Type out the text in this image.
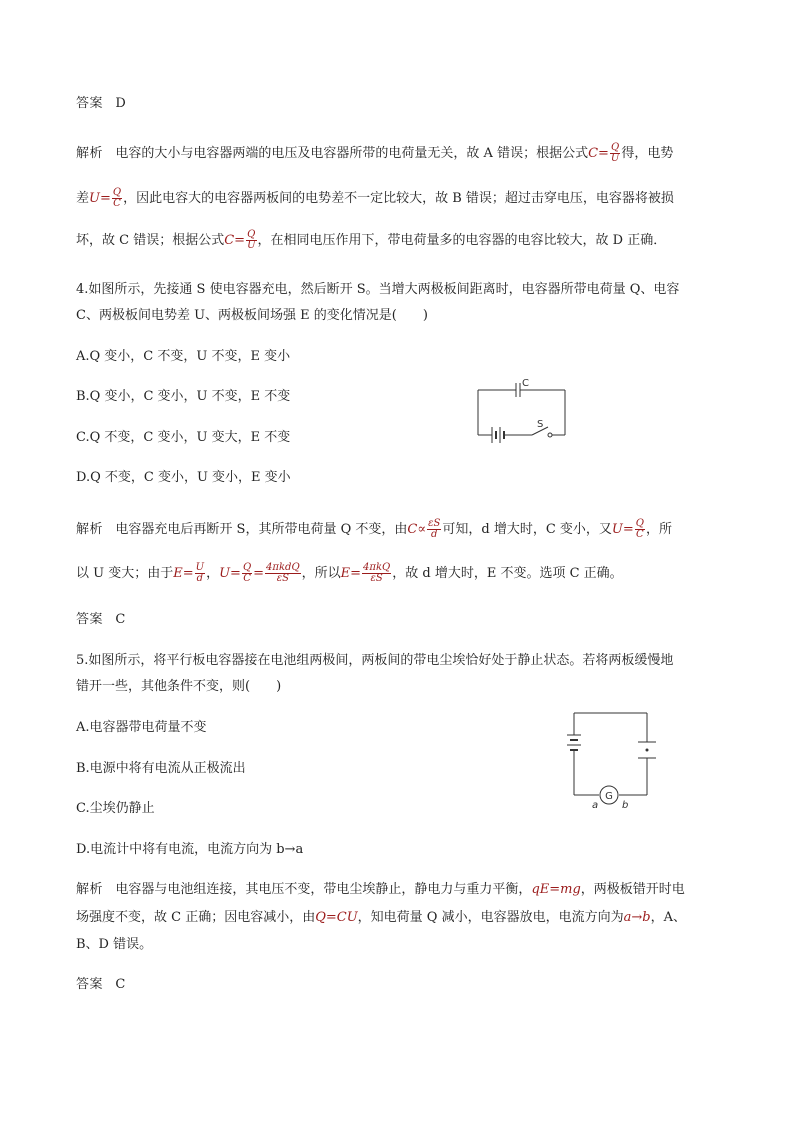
答案 D
解析 电容的大小与电容器两端的电压及电容器所带的电荷量无关，故 A 错误；根据公式$C= \frac{Q}{U}$ 得，电势
差$U= \frac{Q}{C}$ ，因此电容大的电容器两板间的电势差不一定比较大，故 B 错误；超过击穿电压，电容器将被损
坏，故 C 错误；根据公式$C= \frac{Q}{U}$ ，在相同电压作用下，带电荷量多的电容器的电容比较大，故 D 正确．
4.如图所示，先接通 S 使电容器充电，然后断开 S。当增大两极板间距离时，电容器所带电荷量 Q、电容
C、两极板间电势差 U、两极板间场强 E 的变化情况是(　　)
A.Q 变小，C 不变，U 不变，E 变小
B.Q 变小，C 变小，U 不变，E 不变
C.Q 不变，C 变小，U 变大，E 不变
D.Q 不变，C 变小，U 变小，E 变小
C
S
解析 电容器充电后再断开 S，其所带电荷量 Q 不变，由$C\propto \frac{\varepsilon S}{d}$ 可知，d 增大时，C 变小，又$U= \frac{Q}{C}$ ，所
以 U 变大；由于$E= \frac{U}{d}$ ，$U= \frac{Q}{C} = \frac{\text{4πkdQ}}{\varepsilon S}$ ，所以$E= \frac{\text{4πkQ}}{\varepsilon S}$ ，故 d 增大时，E 不变。选项 C 正确。
答案 C
5.如图所示，将平行板电容器接在电池组两极间，两板间的带电尘埃恰好处于静止状态。若将两板缓慢地
错开一些，其他条件不变，则(　　)
A.电容器带电荷量不变
B.电源中将有电流从正极流出
C.尘埃仍静止
D.电流计中将有电流，电流方向为 b→a
G
a b
解析 电容器与电池组连接，其电压不变，带电尘埃静止，静电力与重力平衡，qE=mg，两极板错开时电
场强度不变，故 C 正确；因电容减小，由Q=CU，知电荷量 Q 减小，电容器放电，电流方向为a→b，A、
B、D 错误。
答案 C
